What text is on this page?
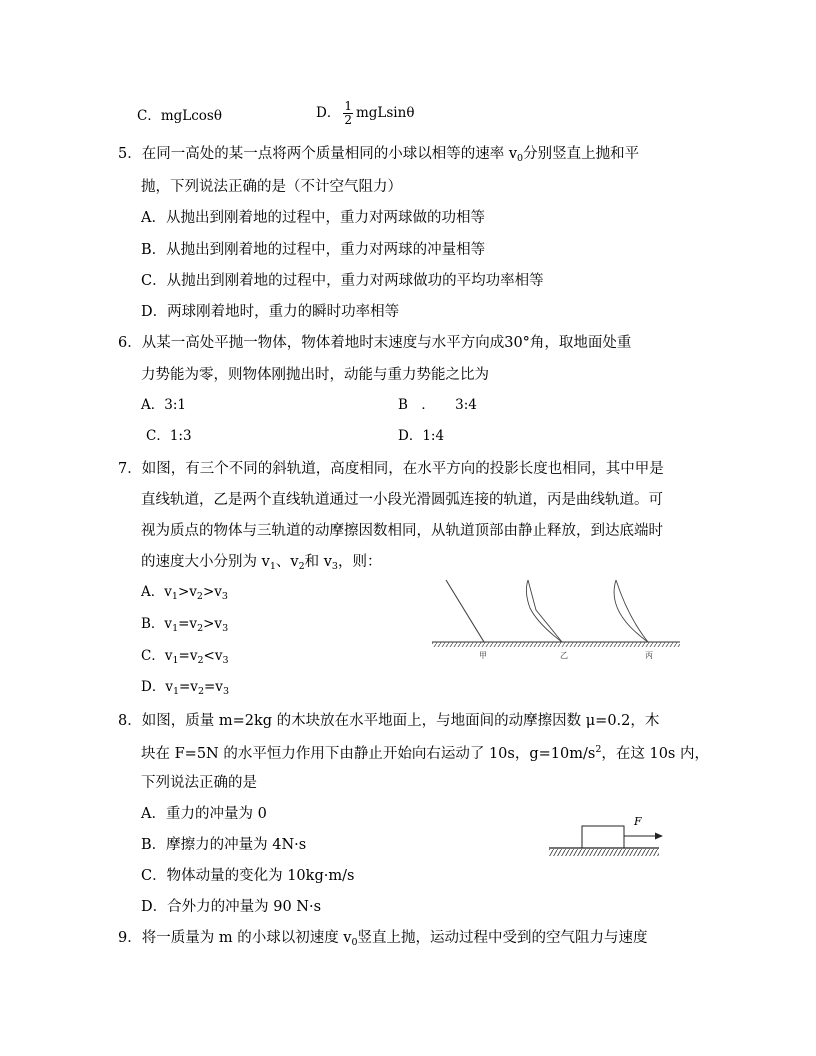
C．mgLcosθ	D． $\frac{1}{2}$ mgLsinθ
5．在同一高处的某一点将两个质量相同的小球以相等的速率 $v_0$分别竖直上抛和平
抛，下列说法正确的是（不计空气阻力）
A．从抛出到刚着地的过程中，重力对两球做的功相等
B．从抛出到刚着地的过程中，重力对两球的冲量相等
C．从抛出到刚着地的过程中，重力对两球做功的平均功率相等
D．两球刚着地时，重力的瞬时功率相等
6．从某一高处平抛一物体，物体着地时末速度与水平方向成30°角，取地面处重
力势能为零，则物体刚抛出时，动能与重力势能之比为
A．3:1	B　．　　3:4
C．1:3	D．1:4
7．如图，有三个不同的斜轨道，高度相同，在水平方向的投影长度也相同，其中甲是
直线轨道，乙是两个直线轨道通过一小段光滑圆弧连接的轨道，丙是曲线轨道。可
视为质点的物体与三轨道的动摩擦因数相同，从轨道顶部由静止释放，到达底端时
的速度大小分别为 $v_1$、$v_2$和 $v_3$，则：
A．$v_1>v_2>v_3$
B．$v_1=v_2>v_3$
C．$v_1=v_2<v_3$
D．$v_1=v_2=v_3$
甲	乙	丙
8．如图，质量 m=2kg 的木块放在水平地面上，与地面间的动摩擦因数 μ=0.2，木
块在 F=5N 的水平恒力作用下由静止开始向右运动了 10s，$g=10m/s^2$，在这 10s 内，
下列说法正确的是
A．重力的冲量为 0
B．摩擦力的冲量为 4N·s
C．物体动量的变化为 10kg·m/s
D．合外力的冲量为 90 N·s
F
9．将一质量为 m 的小球以初速度 $v_0$竖直上抛，运动过程中受到的空气阻力与速度
